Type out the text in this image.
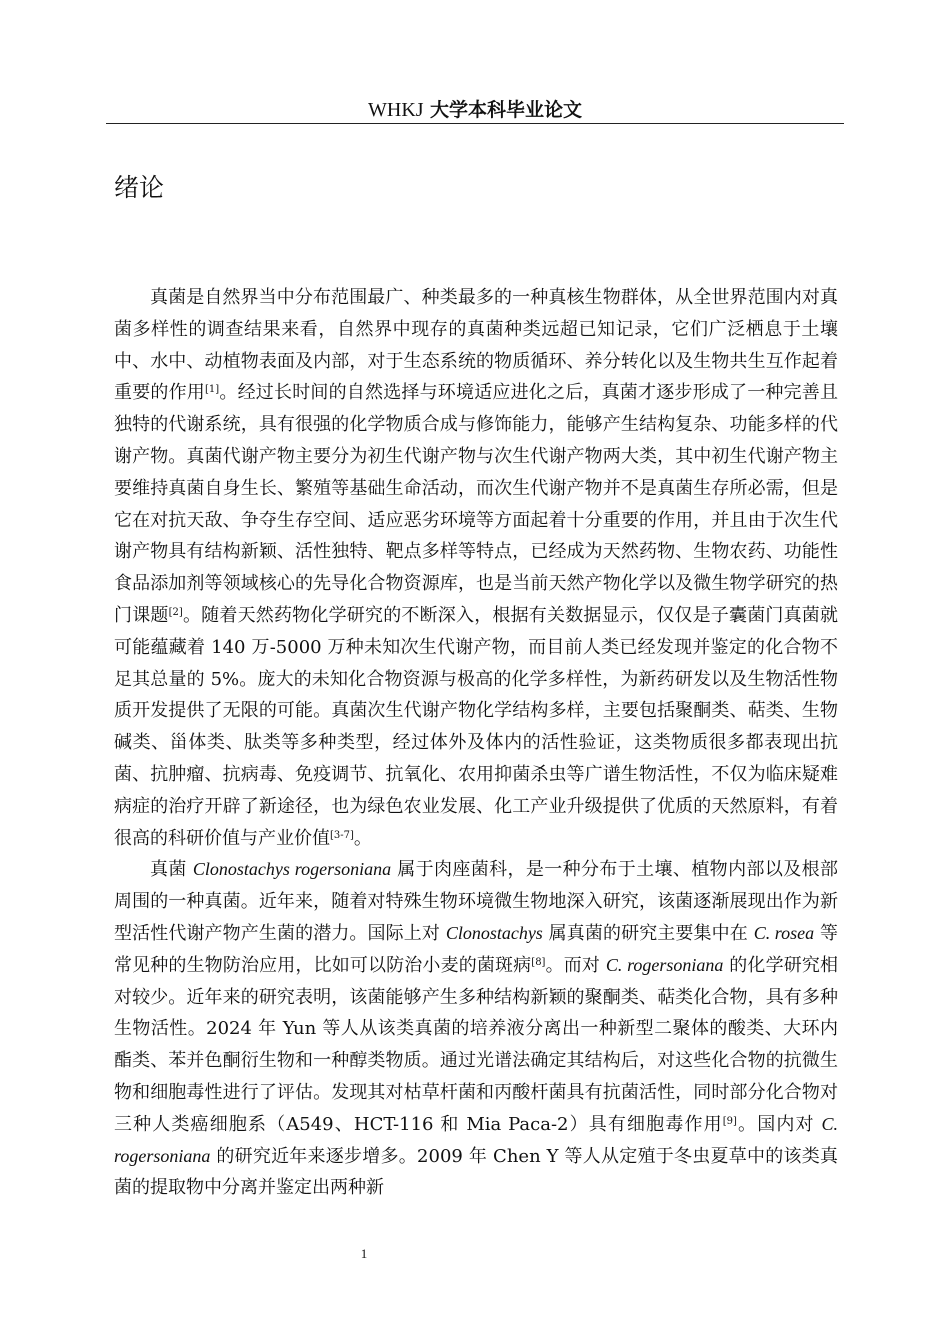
WHKJ 大学本科毕业论文
绪论

真菌是自然界当中分布范围最广、种类最多的一种真核生物群体，从全世界范围内对真菌多样性的调查结果来看，自然界中现存的真菌种类远超已知记录，它们广泛栖息于土壤中、水中、动植物表面及内部，对于生态系统的物质循环、养分转化以及生物共生互作起着重要的作用[1]。经过长时间的自然选择与环境适应进化之后，真菌才逐步形成了一种完善且独特的代谢系统，具有很强的化学物质合成与修饰能力，能够产生结构复杂、功能多样的代谢产物。真菌代谢产物主要分为初生代谢产物与次生代谢产物两大类，其中初生代谢产物主要维持真菌自身生长、繁殖等基础生命活动，而次生代谢产物并不是真菌生存所必需，但是它在对抗天敌、争夺生存空间、适应恶劣环境等方面起着十分重要的作用，并且由于次生代谢产物具有结构新颖、活性独特、靶点多样等特点，已经成为天然药物、生物农药、功能性食品添加剂等领域核心的先导化合物资源库，也是当前天然产物化学以及微生物学研究的热门课题[2]。随着天然药物化学研究的不断深入，根据有关数据显示，仅仅是子囊菌门真菌就可能蕴藏着 140 万-5000 万种未知次生代谢产物，而目前人类已经发现并鉴定的化合物不足其总量的 5%。庞大的未知化合物资源与极高的化学多样性，为新药研发以及生物活性物质开发提供了无限的可能。真菌次生代谢产物化学结构多样，主要包括聚酮类、萜类、生物碱类、甾体类、肽类等多种类型，经过体外及体内的活性验证，这类物质很多都表现出抗菌、抗肿瘤、抗病毒、免疫调节、抗氧化、农用抑菌杀虫等广谱生物活性，不仅为临床疑难病症的治疗开辟了新途径，也为绿色农业发展、化工产业升级提供了优质的天然原料，有着很高的科研价值与产业价值[3-7]。

真菌 Clonostachys rogersoniana 属于肉座菌科，是一种分布于土壤、植物内部以及根部周围的一种真菌。近年来，随着对特殊生物环境微生物地深入研究，该菌逐渐展现出作为新型活性代谢产物产生菌的潜力。国际上对 Clonostachys 属真菌的研究主要集中在 C. rosea 等常见种的生物防治应用，比如可以防治小麦的菌斑病[8]。而对 C. rogersoniana 的化学研究相对较少。近年来的研究表明，该菌能够产生多种结构新颖的聚酮类、萜类化合物，具有多种生物活性。2024 年 Yun 等人从该类真菌的培养液分离出一种新型二聚体的酸类、大环内酯类、苯并色酮衍生物和一种醇类物质。通过光谱法确定其结构后，对这些化合物的抗微生物和细胞毒性进行了评估。发现其对枯草杆菌和丙酸杆菌具有抗菌活性，同时部分化合物对三种人类癌细胞系（A549、HCT-116 和 Mia Paca-2）具有细胞毒作用[9]。国内对 C. rogersoniana 的研究近年来逐步增多。2009 年 Chen Y 等人从定殖于冬虫夏草中的该类真菌的提取物中分离并鉴定出两种新

1
